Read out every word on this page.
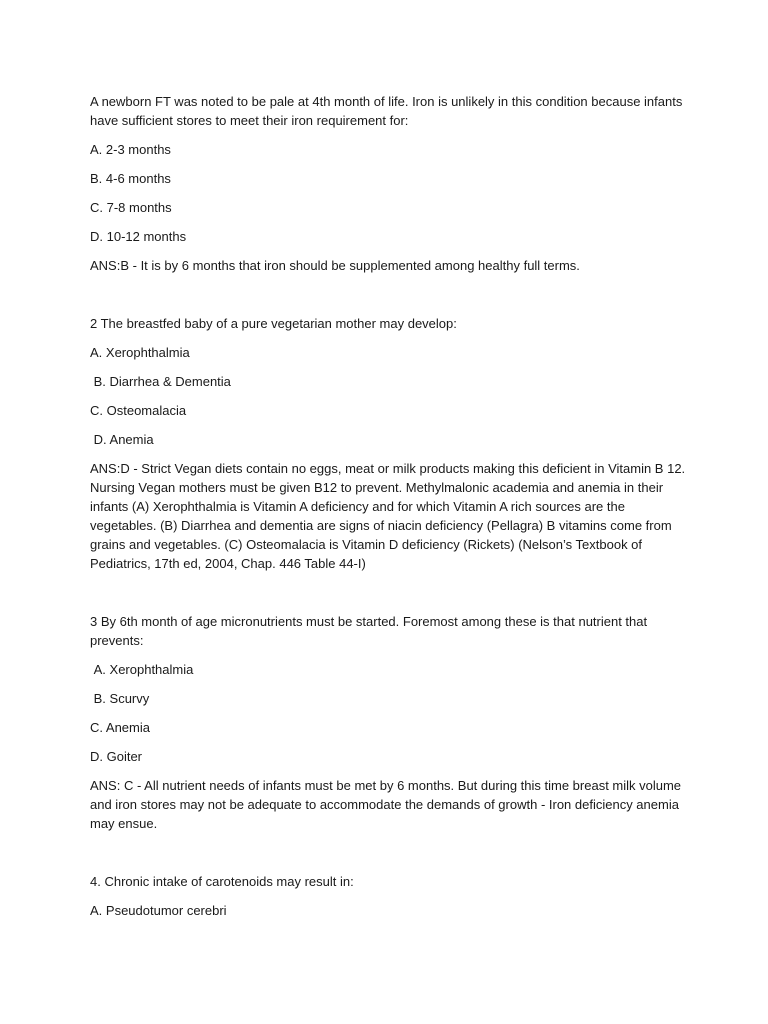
A newborn FT was noted to be pale at 4th month of life. Iron is unlikely in this condition because infants have sufficient stores to meet their iron requirement for:

A. 2-3 months

B. 4-6 months

C. 7-8 months

D. 10-12 months

ANS:B - It is by 6 months that iron should be supplemented among healthy full terms.

2 The breastfed baby of a pure vegetarian mother may develop:

A. Xerophthalmia

B. Diarrhea & Dementia

C. Osteomalacia

D. Anemia

ANS:D - Strict Vegan diets contain no eggs, meat or milk products making this deficient in Vitamin B 12. Nursing Vegan mothers must be given B12 to prevent. Methylmalonic academia and anemia in their infants (A) Xerophthalmia is Vitamin A deficiency and for which Vitamin A rich sources are the vegetables. (B) Diarrhea and dementia are signs of niacin deficiency (Pellagra) B vitamins come from grains and vegetables. (C) Osteomalacia is Vitamin D deficiency (Rickets) (Nelson’s Textbook of Pediatrics, 17th ed, 2004, Chap. 446 Table 44-I)

3 By 6th month of age micronutrients must be started. Foremost among these is that nutrient that prevents:

A. Xerophthalmia

B. Scurvy

C. Anemia

D. Goiter

ANS: C - All nutrient needs of infants must be met by 6 months. But during this time breast milk volume and iron stores may not be adequate to accommodate the demands of growth - Iron deficiency anemia may ensue.

4. Chronic intake of carotenoids may result in:

A. Pseudotumor cerebri
